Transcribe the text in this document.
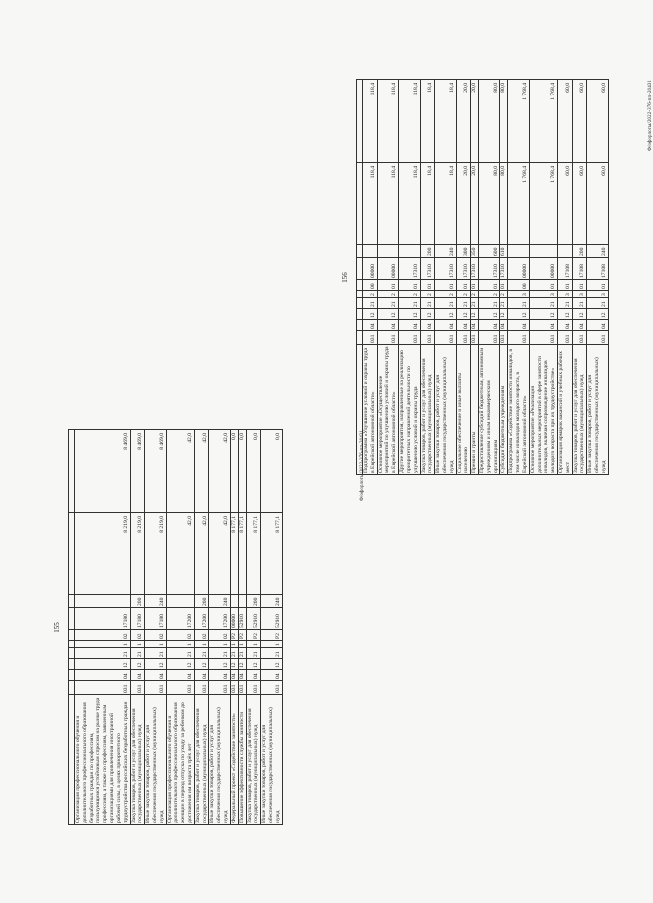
155

Организация профессионального обучения и дополнительного профессионального образования безработных граждан по профессиям, пользующимся устойчивым спросом на рынке труда профессиям, а также по профессиям, заявленным организациями для привлечения иностранной рабочей силы, в целях приоритетного трудоустройства российских безработных граждан	031	04	12	21	1	02	17180		8 219,0	8 469,0
Закупка товаров, работ и услуг для обеспечения государственных (муниципальных) нужд	031	04	12	21	1	02	17180	200	8 219,0	8 469,0
Иные закупки товаров, работ и услуг для обеспечения государственных (муниципальных) нужд	031	04	12	21	1	02	17180	240	8 219,0	8 469,0
Организация профессионального обучения и дополнительного профессионального образования женщин в период отпуска по уходу за ребенком до достижения им возраста трёх лет	031	04	12	21	1	02	17200		42,0	42,0
Закупка товаров, работ и услуг для обеспечения государственных (муниципальных) нужд	031	04	12	21	1	02	17200	200	42,0	42,0
Иные закупки товаров, работ и услуг для обеспечения государственных (муниципальных) нужд	031	04	12	21	1	02	17200	240	42,0	42,0
Федеральный проект «Содействие занятости»	031	04	12	21	1	P2	00000		8 177,1	0,0
Повышение эффективности службы занятости	031	04	12	21	1	P2	52910		8 177,1	0,0
Закупка товаров, работ и услуг для обеспечения государственных (муниципальных) нужд	031	04	12	21	1	P2	52910	200	8 177,1	0,0
Иные закупки товаров, работ и услуг для обеспечения государственных (муниципальных) нужд	031	04	12	21	1	P2	52910	240	8 177,1	0,0	Ф/офорлоты/2022-376-пп-20431
156

Подпрограмма «Улучшение условий и охраны труда в Еврейской автономной области»	031	04	12	21	2	00	00000		118,4	118,4
Основное мероприятие «Осуществление мероприятий по улучшению условий и охраны труда в Еврейской автономной области»	031	04	12	21	2	01	00000		118,4	118,4
Другие мероприятия, направленные на реализацию приоритетных направлений деятельности по улучшению условий и охраны труда	031	04	12	21	2	01	17310		118,4	118,4
Закупка товаров, работ и услуг для обеспечения государственных (муниципальных) нужд	031	04	12	21	2	01	17310	200	18,4	18,4
Иные закупки товаров, работ и услуг для обеспечения государственных (муниципальных) нужд	031	04	12	21	2	01	17310	240	18,4	18,4
Социальное обеспечение и иные выплаты населению	031	04	12	21	2	01	17310	300	20,0	20,0
Премии и гранты	031	04	12	21	2	01	17310	350	20,0	20,0
Предоставление субсидий бюджетным, автономным учреждениям и иным некоммерческим организациям	031	04	12	21	2	01	17310	600	80,0	80,0
Субсидии бюджетным учреждениям	031	04	12	21	2	01	17310	610	80,0	80,0
Подпрограмма «Содействие занятости инвалидов, в том числе инвалидов молодого возраста, в Еврейской автономной области»	031	04	12	21	3	00	00000		1 768,4	1 768,4
Основное мероприятие «Реализация дополнительных мероприятий в сфере занятости инвалидов, включая сопровождение инвалидов молодого возраста при их трудоустройстве»	031	04	12	21	3	01	00000		1 768,4	1 768,4
Организация ярмарок вакансий и учебных рабочих мест	031	04	12	21	3	01	17108		60,0	60,0
Закупка товаров, работ и услуг для обеспечения государственных (муниципальных) нужд	031	04	12	21	3	01	17108	200	60,0	60,0
Иные закупки товаров, работ и услуг для обеспечения государственных (муниципальных) нужд	031	04	12	21	3	01	17108	240	60,0	60,0	Ф/офорлоты/2022-376-пп-20431
